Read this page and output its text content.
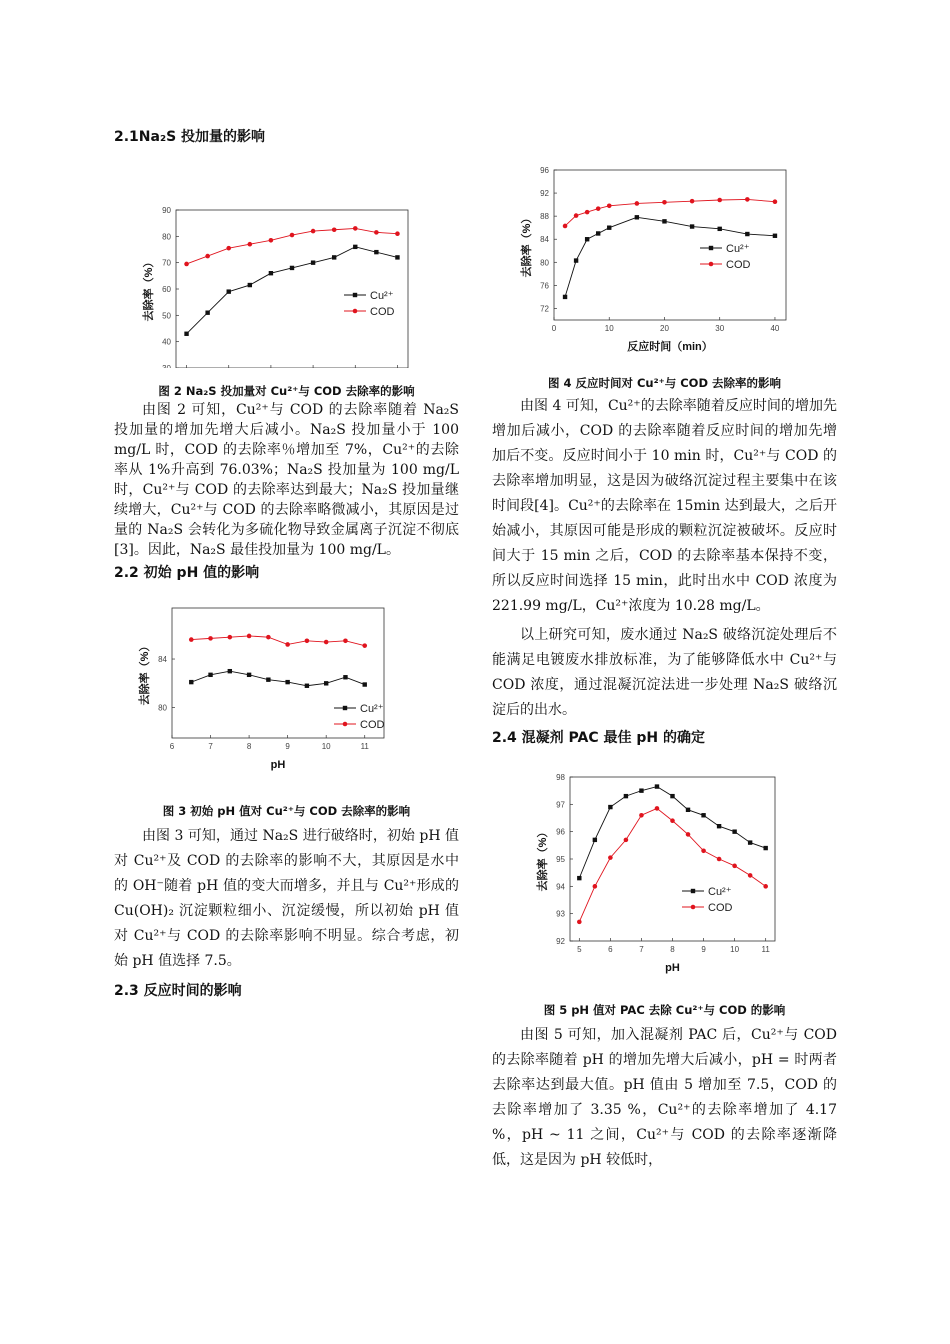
2.1Na₂S 投加量的影响

40
50
60
70
80
90
去除率（%）	Cu²⁺
COD

图 2 Na₂S 投加量对 Cu²⁺与 COD 去除率的影响

由图 2 可知，Cu²⁺与 COD 的去除率随着 Na₂S 投加量的增加先增大后减小。Na₂S 投加量小于 100 mg/L 时，COD 的去除率％增加至 7%，Cu²⁺的去除率从 1%升高到 76.03%；Na₂S 投加量为 100 mg/L 时，Cu²⁺与 COD 的去除率达到最大；Na₂S 投加量继续增大，Cu²⁺与 COD 的去除率略微减小，其原因是过量的 Na₂S 会转化为多硫化物导致金属离子沉淀不彻底[3]。因此，Na₂S 最佳投加量为 100 mg/L。

2.2 初始 pH 值的影响

6	7	8	9	10	11
80
84
pH
去除率（%）
Cu²⁺
COD

图 3 初始 pH 值对 Cu²⁺与 COD 去除率的影响

由图 3 可知，通过 Na₂S 进行破络时，初始 pH 值对 Cu²⁺及 COD 的去除率的影响不大，其原因是水中的 OH⁻随着 pH 值的变大而增多，并且与 Cu²⁺形成的 Cu(OH)₂ 沉淀颗粒细小、沉淀缓慢，所以初始 pH 值对 Cu²⁺与 COD 的去除率影响不明显。综合考虑，初始 pH 值选择 7.5。

2.3 反应时间的影响

0	10	20	30	40
72
76
80
84
88
92
96
反应时间（min）
去除率（%）	Cu²⁺
COD

图 4 反应时间对 Cu²⁺与 COD 去除率的影响

由图 4 可知，Cu²⁺的去除率随着反应时间的增加先增加后减小，COD 的去除率随着反应时间的增加先增加后不变。反应时间小于 10 min 时，Cu²⁺与 COD 的去除率增加明显，这是因为破络沉淀过程主要集中在该时间段[4]。Cu²⁺的去除率在 15min 达到最大，之后开始减小，其原因可能是形成的颗粒沉淀被破坏。反应时间大于 15 min 之后，COD 的去除率基本保持不变，所以反应时间选择 15 min，此时出水中 COD 浓度为 221.99 mg/L，Cu²⁺浓度为 10.28 mg/L。

以上研究可知，废水通过 Na₂S 破络沉淀处理后不能满足电镀废水排放标准，为了能够降低水中 Cu²⁺与 COD 浓度，通过混凝沉淀法进一步处理 Na₂S 破络沉淀后的出水。

2.4 混凝剂 PAC 最佳 pH 的确定

5	6	7	8	9	10	11
92
93
94
95
96
97
98
pH
去除率（%）
Cu²⁺
COD

图 5 pH 值对 PAC 去除 Cu²⁺与 COD 的影响

由图 5 可知，加入混凝剂 PAC 后，Cu²⁺与 COD 的去除率随着 pH 的增加先增大后减小，pH = 时两者去除率达到最大值。pH 值由 5 增加至 7.5，COD 的去除率增加了 3.35 %，Cu²⁺的去除率增加了 4.17 %，pH ~ 11 之间，Cu²⁺与 COD 的去除率逐渐降低，这是因为 pH 较低时，
